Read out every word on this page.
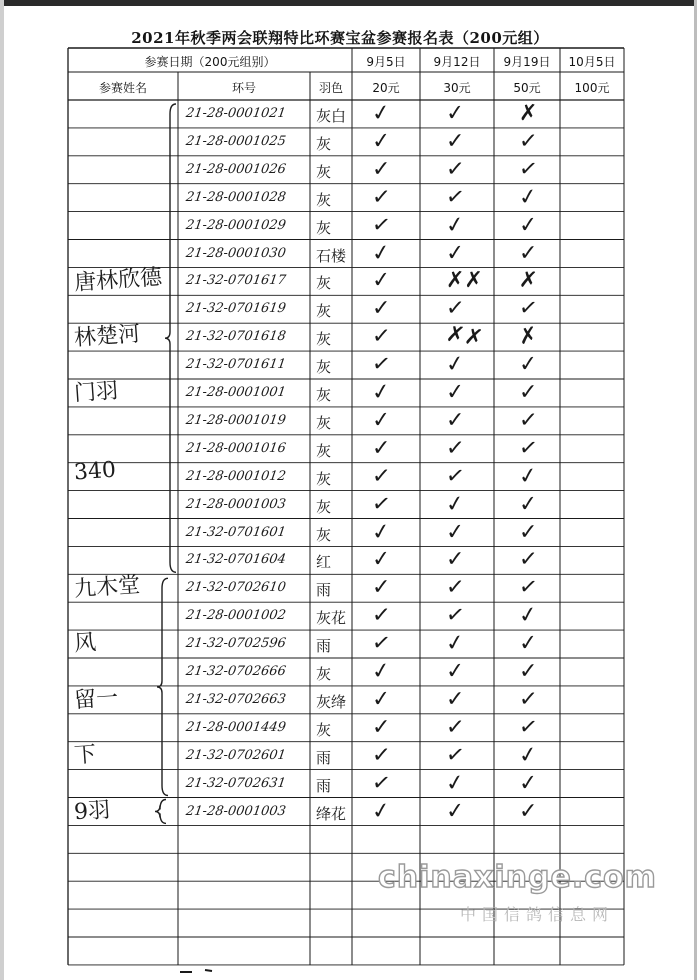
2021年秋季两会联翔特比环赛宝盆参赛报名表（200元组）
参赛日期（200元组别）
参赛姓名	环号	羽色
9月5日
20元
9月12日
30元
9月19日
50元
10月5日
100元
21-28-0001021 灰白 ✓ ✓ ✗
21-28-0001025 灰 ✓ ✓ ✓
21-28-0001026 灰 ✓ ✓ ✓
21-28-0001028 灰 ✓ ✓ ✓
21-28-0001029 灰 ✓ ✓ ✓
21-28-0001030 石楼 ✓ ✓ ✓
21-32-0701617 灰 ✓ ✗✗ ✗
21-32-0701619 灰 ✓ ✓ ✓
21-32-0701618 灰 ✓ ✗✗ ✗
21-32-0701611 灰 ✓ ✓ ✓
21-28-0001001 灰 ✓ ✓ ✓
21-28-0001019 灰 ✓ ✓ ✓
21-28-0001016 灰 ✓ ✓ ✓
21-28-0001012 灰 ✓ ✓ ✓
21-28-0001003 灰 ✓ ✓ ✓
21-32-0701601 灰 ✓ ✓ ✓
21-32-0701604 红 ✓ ✓ ✓
21-32-0702610 雨 ✓ ✓ ✓
21-28-0001002 灰花 ✓ ✓ ✓
21-32-0702596 雨 ✓ ✓ ✓
21-32-0702666 灰 ✓ ✓ ✓
21-32-0702663 灰绛 ✓ ✓ ✓
21-28-0001449 灰 ✓ ✓ ✓
21-32-0702601 雨 ✓ ✓ ✓
21-32-0702631 雨 ✓ ✓ ✓
21-28-0001003 绛花 ✓ ✓ ✓
唐林欣德
林楚河
门羽
340
九木堂
风
留一
下
9羽
chinaxinge.com
中国信鸽信息网
